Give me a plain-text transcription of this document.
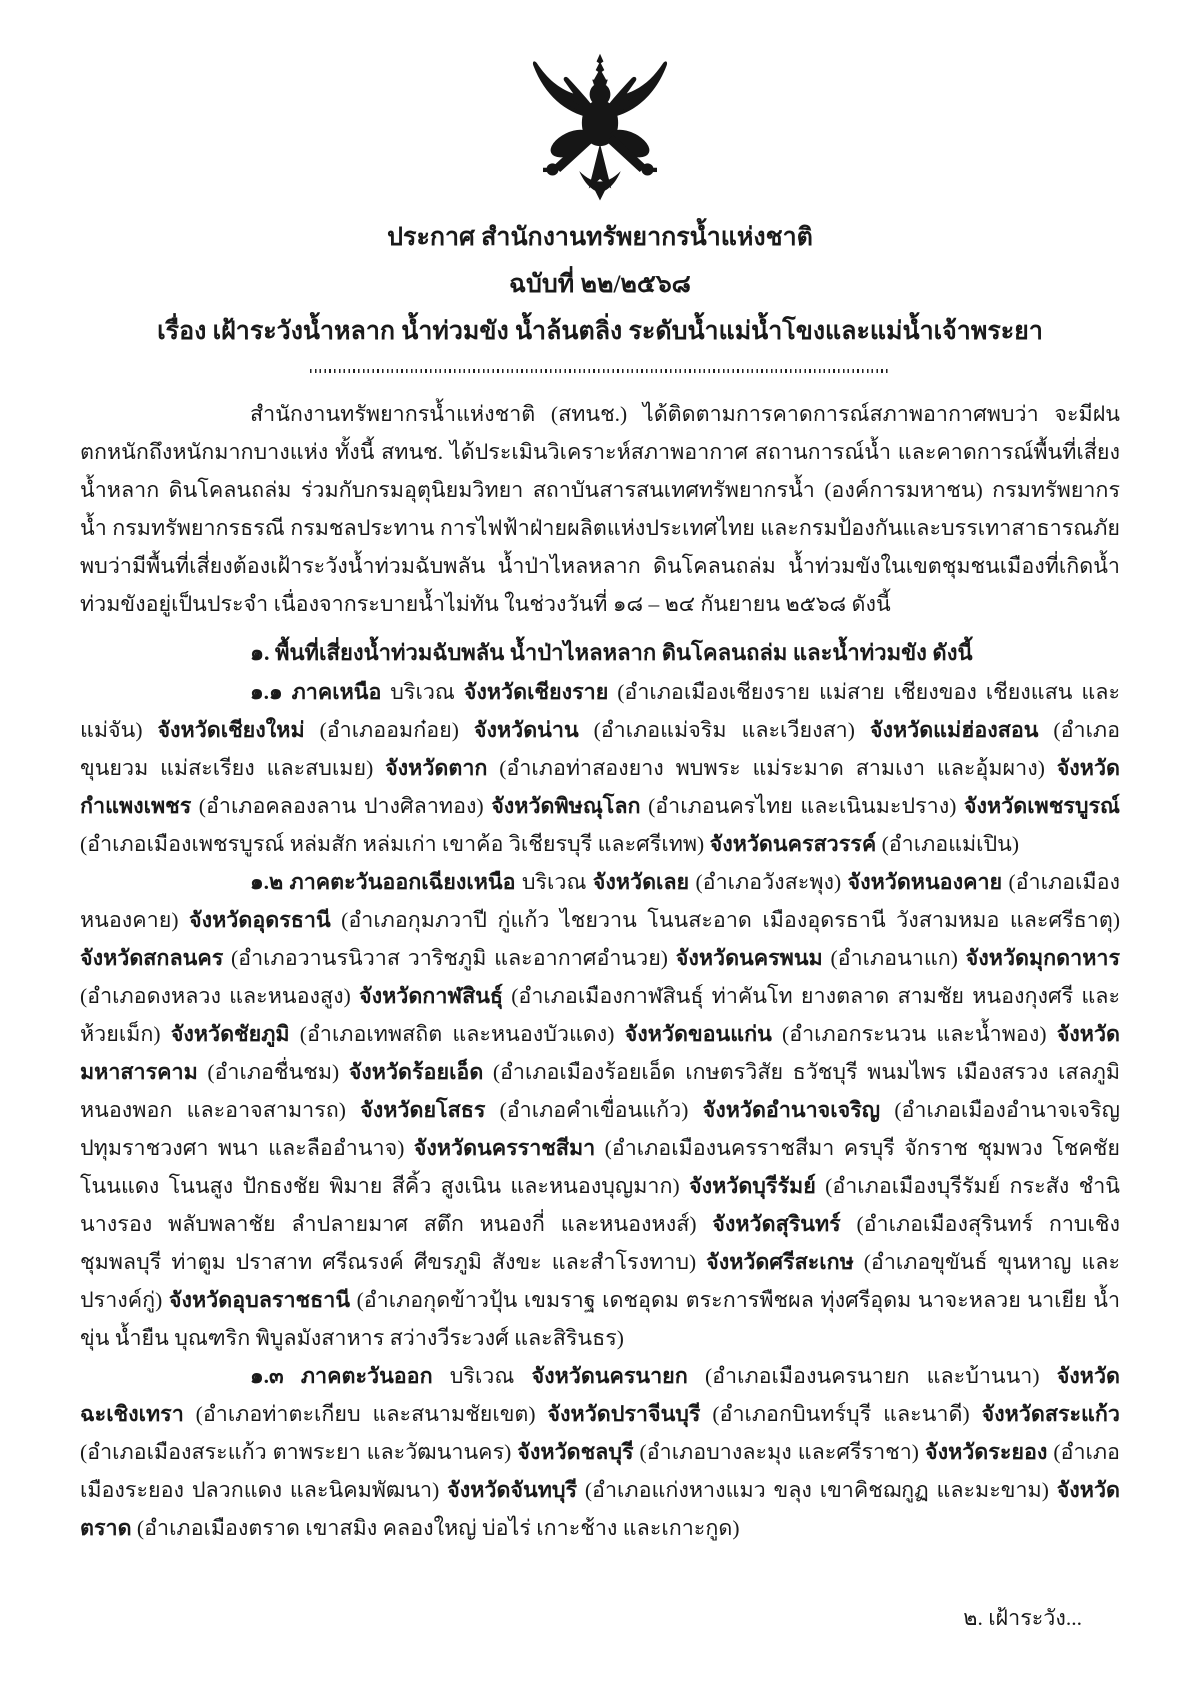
ประกาศ สำนักงานทรัพยากรน้ำแห่งชาติ
ฉบับที่ ๒๒/๒๕๖๘
เรื่อง เฝ้าระวังน้ำหลาก น้ำท่วมขัง น้ำล้นตลิ่ง ระดับน้ำแม่น้ำโขงและแม่น้ำเจ้าพระยา

สำนักงานทรัพยากรน้ำแห่งชาติ (สทนช.) ได้ติดตามการคาดการณ์สภาพอากาศพบว่า จะมีฝนตกหนักถึงหนักมากบางแห่ง ทั้งนี้ สทนช. ได้ประเมินวิเคราะห์สภาพอากาศ สถานการณ์น้ำ และคาดการณ์พื้นที่เสี่ยงน้ำหลาก ดินโคลนถล่ม ร่วมกับกรมอุตุนิยมวิทยา สถาบันสารสนเทศทรัพยากรน้ำ (องค์การมหาชน) กรมทรัพยากรน้ำ กรมทรัพยากรธรณี กรมชลประทาน การไฟฟ้าฝ่ายผลิตแห่งประเทศไทย และกรมป้องกันและบรรเทาสาธารณภัย พบว่ามีพื้นที่เสี่ยงต้องเฝ้าระวังน้ำท่วมฉับพลัน น้ำป่าไหลหลาก ดินโคลนถล่ม น้ำท่วมขังในเขตชุมชนเมืองที่เกิดน้ำท่วมขังอยู่เป็นประจำ เนื่องจากระบายน้ำไม่ทัน ในช่วงวันที่ ๑๘ – ๒๔ กันยายน ๒๕๖๘ ดังนี้

๑. พื้นที่เสี่ยงน้ำท่วมฉับพลัน น้ำป่าไหลหลาก ดินโคลนถล่ม และน้ำท่วมขัง ดังนี้

๑.๑ ภาคเหนือ บริเวณ จังหวัดเชียงราย (อำเภอเมืองเชียงราย แม่สาย เชียงของ เชียงแสน และแม่จัน) จังหวัดเชียงใหม่ (อำเภออมก๋อย) จังหวัดน่าน (อำเภอแม่จริม และเวียงสา) จังหวัดแม่ฮ่องสอน (อำเภอขุนยวม แม่สะเรียง และสบเมย) จังหวัดตาก (อำเภอท่าสองยาง พบพระ แม่ระมาด สามเงา และอุ้มผาง) จังหวัดกำแพงเพชร (อำเภอคลองลาน ปางศิลาทอง) จังหวัดพิษณุโลก (อำเภอนครไทย และเนินมะปราง) จังหวัดเพชรบูรณ์ (อำเภอเมืองเพชรบูรณ์ หล่มสัก หล่มเก่า เขาค้อ วิเชียรบุรี และศรีเทพ) จังหวัดนครสวรรค์ (อำเภอแม่เปิน)

๑.๒ ภาคตะวันออกเฉียงเหนือ บริเวณ จังหวัดเลย (อำเภอวังสะพุง) จังหวัดหนองคาย (อำเภอเมืองหนองคาย) จังหวัดอุดรธานี (อำเภอกุมภวาปี กู่แก้ว ไชยวาน โนนสะอาด เมืองอุดรธานี วังสามหมอ และศรีธาตุ) จังหวัดสกลนคร (อำเภอวานรนิวาส วาริชภูมิ และอากาศอำนวย) จังหวัดนครพนม (อำเภอนาแก) จังหวัดมุกดาหาร (อำเภอดงหลวง และหนองสูง) จังหวัดกาฬสินธุ์ (อำเภอเมืองกาฬสินธุ์ ท่าคันโท ยางตลาด สามชัย หนองกุงศรี และห้วยเม็ก) จังหวัดชัยภูมิ (อำเภอเทพสถิต และหนองบัวแดง) จังหวัดขอนแก่น (อำเภอกระนวน และน้ำพอง) จังหวัดมหาสารคาม (อำเภอชื่นชม) จังหวัดร้อยเอ็ด (อำเภอเมืองร้อยเอ็ด เกษตรวิสัย ธวัชบุรี พนมไพร เมืองสรวง เสลภูมิ หนองพอก และอาจสามารถ) จังหวัดยโสธร (อำเภอคำเขื่อนแก้ว) จังหวัดอำนาจเจริญ (อำเภอเมืองอำนาจเจริญ ปทุมราชวงศา พนา และลืออำนาจ) จังหวัดนครราชสีมา (อำเภอเมืองนครราชสีมา ครบุรี จักราช ชุมพวง โชคชัย โนนแดง โนนสูง ปักธงชัย พิมาย สีคิ้ว สูงเนิน และหนองบุญมาก) จังหวัดบุรีรัมย์ (อำเภอเมืองบุรีรัมย์ กระสัง ชำนิ นางรอง พลับพลาชัย ลำปลายมาศ สตึก หนองกี่ และหนองหงส์) จังหวัดสุรินทร์ (อำเภอเมืองสุรินทร์ กาบเชิง ชุมพลบุรี ท่าตูม ปราสาท ศรีณรงค์ ศีขรภูมิ สังขะ และสำโรงทาบ) จังหวัดศรีสะเกษ (อำเภอขุขันธ์ ขุนหาญ และปรางค์กู่) จังหวัดอุบลราชธานี (อำเภอกุดข้าวปุ้น เขมราฐ เดชอุดม ตระการพืชผล ทุ่งศรีอุดม นาจะหลวย นาเยีย น้ำขุ่น น้ำยืน บุณฑริก พิบูลมังสาหาร สว่างวีระวงศ์ และสิรินธร)

๑.๓ ภาคตะวันออก บริเวณ จังหวัดนครนายก (อำเภอเมืองนครนายก และบ้านนา) จังหวัดฉะเชิงเทรา (อำเภอท่าตะเกียบ และสนามชัยเขต) จังหวัดปราจีนบุรี (อำเภอกบินทร์บุรี และนาดี) จังหวัดสระแก้ว (อำเภอเมืองสระแก้ว ตาพระยา และวัฒนานคร) จังหวัดชลบุรี (อำเภอบางละมุง และศรีราชา) จังหวัดระยอง (อำเภอเมืองระยอง ปลวกแดง และนิคมพัฒนา) จังหวัดจันทบุรี (อำเภอแก่งหางแมว ขลุง เขาคิชฌกูฏ และมะขาม) จังหวัดตราด (อำเภอเมืองตราด เขาสมิง คลองใหญ่ บ่อไร่ เกาะช้าง และเกาะกูด)

๒. เฝ้าระวัง...
